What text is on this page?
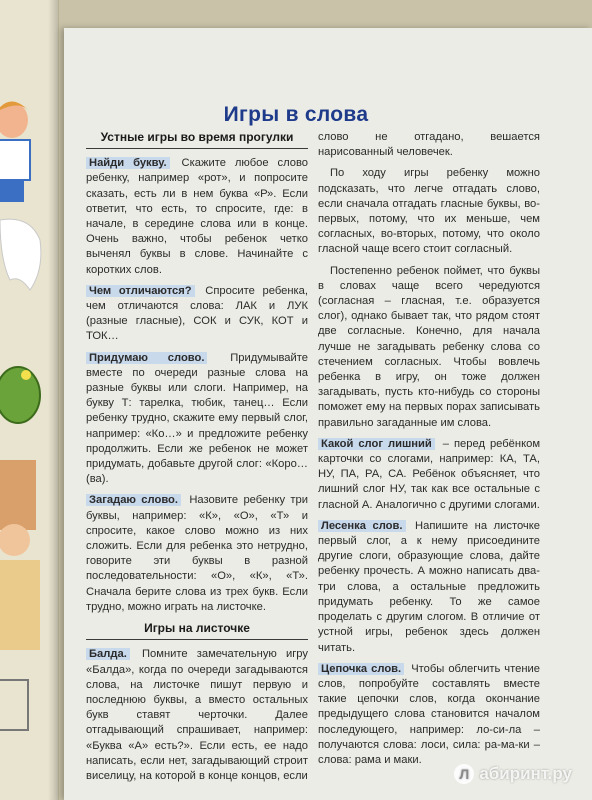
Игры в слова
Устные игры во время прогулки

Найди букву. Скажите любое слово ребенку, например «рот», и попросите сказать, есть ли в нем буква «Р». Если ответит, что есть, то спросите, где: в начале, в середине слова или в конце. Очень важно, чтобы ребенок четко выченял буквы в слове. Начинайте с коротких слов.

Чем отличаются? Спросите ребенка, чем отличаются слова: ЛАК и ЛУК (разные гласные), СОК и СУК, КОТ и ТОК…

Придумаю слово. Придумывайте вместе по очереди разные слова на разные буквы или слоги. Например, на букву Т: тарелка, тюбик, танец… Если ребенку трудно, скажите ему первый слог, например: «Ко…» и предложите ребенку продолжить. Если же ребенок не может придумать, добавьте другой слог: «Коро…(ва).

Загадаю слово. Назовите ребенку три буквы, например: «К», «О», «Т» и спросите, какое слово можно из них сложить. Если для ребенка это нетрудно, говорите эти буквы в разной последовательности: «О», «К», «Т». Сначала берите слова из трех букв. Если трудно, можно играть на листочке.

Игры на листочке

Балда. Помните замечательную игру «Балда», когда по очереди загадываются слова, на листочке пишут первую и последнюю буквы, а вместо остальных букв ставят черточки. Далее отгадывающий спрашивает, например: «Буква «А» есть?». Если есть, ее надо написать, если нет, загадывающий строит виселицу, на которой в конце концов, если

слово не отгадано, вешается нарисованный человечек.

По ходу игры ребенку можно подсказать, что легче отгадать слово, если сначала отгадать гласные буквы, во-первых, потому, что их меньше, чем согласных, во-вторых, потому, что около гласной чаще всего стоит согласный.

Постепенно ребенок поймет, что буквы в словах чаще всего чередуются (согласная – гласная, т.е. образуется слог), однако бывает так, что рядом стоят две согласные. Конечно, для начала лучше не загадывать ребенку слова со стечением согласных. Чтобы вовлечь ребенка в игру, он тоже должен загадывать, пусть кто-нибудь со стороны поможет ему на первых порах записывать правильно загаданные им слова.

Какой слог лишний – перед ребёнком карточки со слогами, например: КА, ТА, НУ, ПА, РА, СА. Ребёнок объясняет, что лишний слог НУ, так как все остальные с гласной А. Аналогично с другими слогами.

Лесенка слов. Напишите на листочке первый слог, а к нему присоедините другие слоги, образующие слова, дайте ребенку прочесть. А можно написать два-три слова, а остальные предложить придумать ребенку. То же самое проделать с другим слогом. В отличие от устной игры, ребенок здесь должен читать.

Цепочка слов. Чтобы облегчить чтение слов, попробуйте составлять вместе такие цепочки слов, когда окончание предыдущего слова становится началом последующего, например: ло-си-ла – получаются слова: лоси, сила: ра-ма-ки – слова: рама и маки.

Л абиринт.ру
